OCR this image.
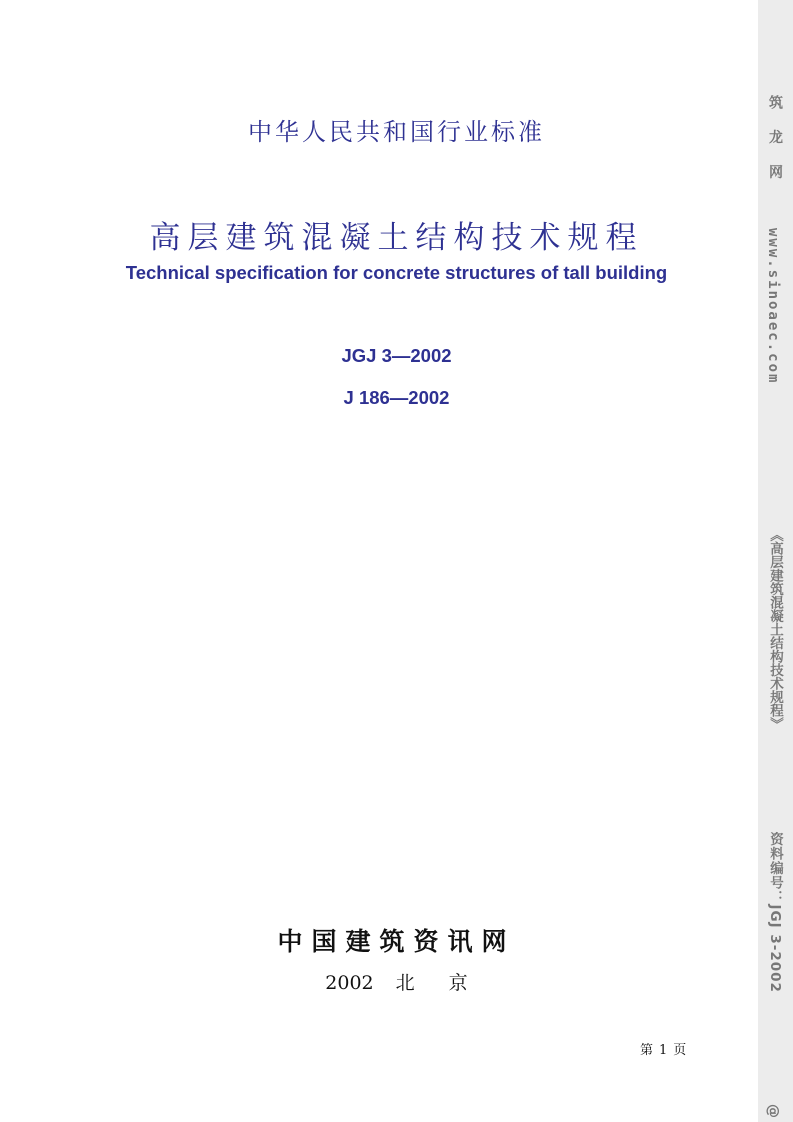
中华人民共和国行业标准
高层建筑混凝土结构技术规程
Technical specification for concrete structures of tall building
JGJ 3—2002
J 186—2002
中国建筑资讯网
2002 北 京
第 1 页
筑 龙 网
www.sinoaec.com
《高层建筑混凝土结构技术规程》
资料编号：JGJ 3-2002
@
